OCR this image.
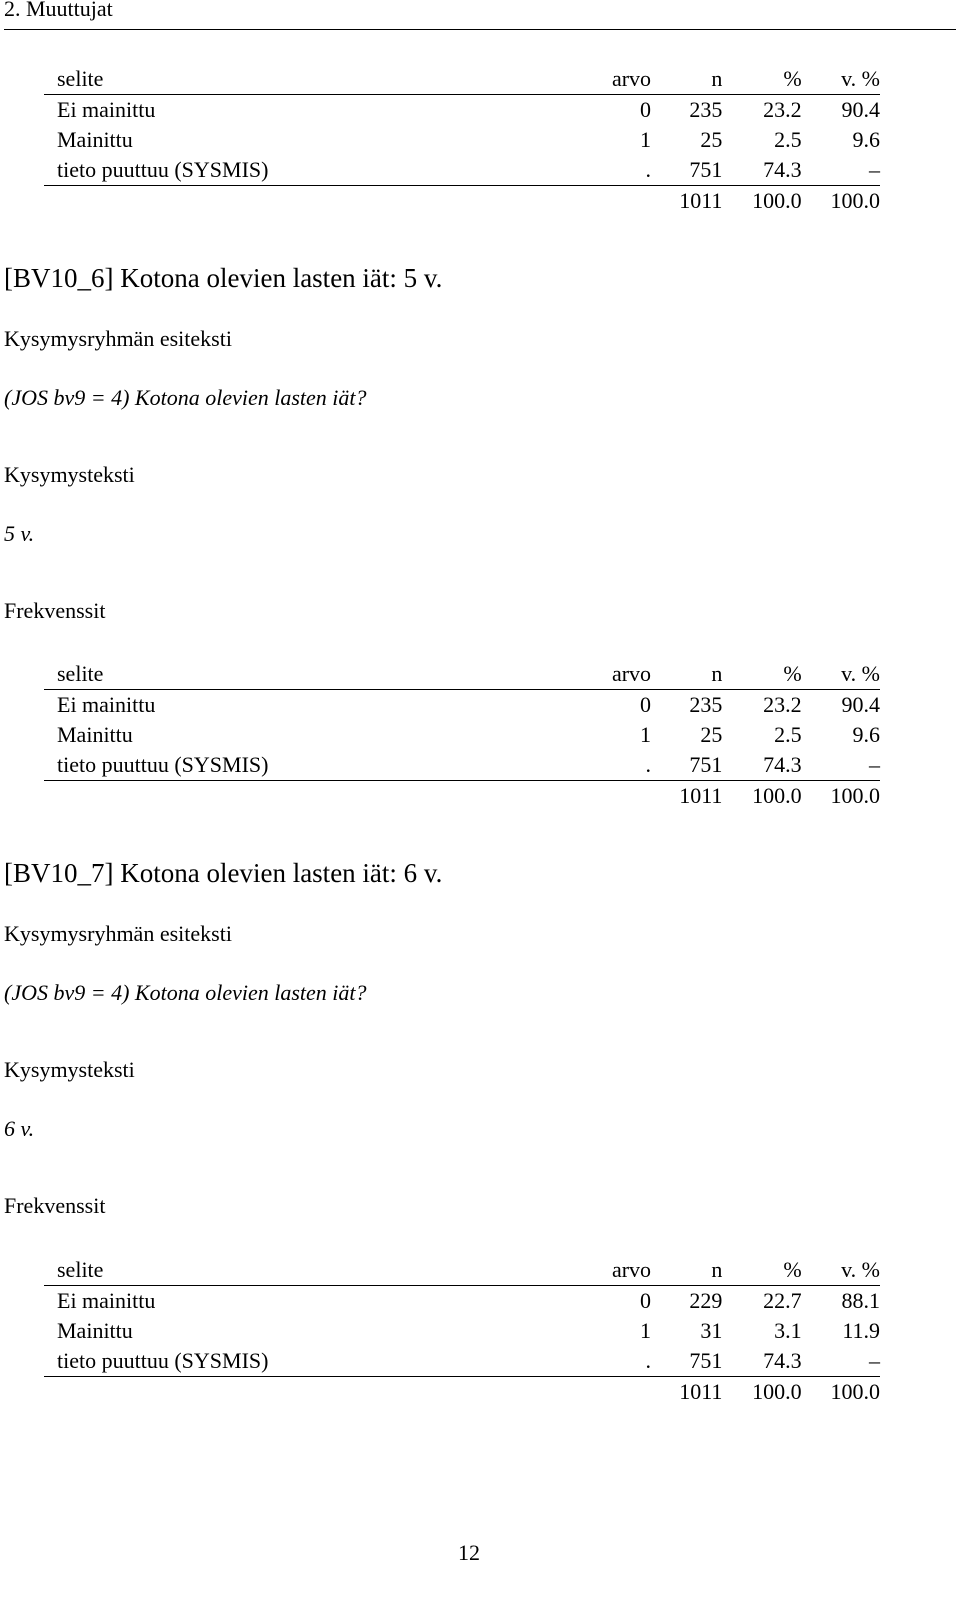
2. Muuttujat
selite	arvo	n	%	v. %
Ei mainittu	0	235	23.2	90.4
Mainittu	1	25	2.5	9.6
tieto puuttuu (SYSMIS)	.	751	74.3	–
		1011	100.0	100.0
[BV10_6] Kotona olevien lasten iät: 5 v.
Kysymysryhmän esiteksti
(JOS bv9 = 4) Kotona olevien lasten iät?
Kysymysteksti
5 v.
Frekvenssit
selite	arvo	n	%	v. %
Ei mainittu	0	235	23.2	90.4
Mainittu	1	25	2.5	9.6
tieto puuttuu (SYSMIS)	.	751	74.3	–
		1011	100.0	100.0
[BV10_7] Kotona olevien lasten iät: 6 v.
Kysymysryhmän esiteksti
(JOS bv9 = 4) Kotona olevien lasten iät?
Kysymysteksti
6 v.
Frekvenssit
selite	arvo	n	%	v. %
Ei mainittu	0	229	22.7	88.1
Mainittu	1	31	3.1	11.9
tieto puuttuu (SYSMIS)	.	751	74.3	–
		1011	100.0	100.0
12
